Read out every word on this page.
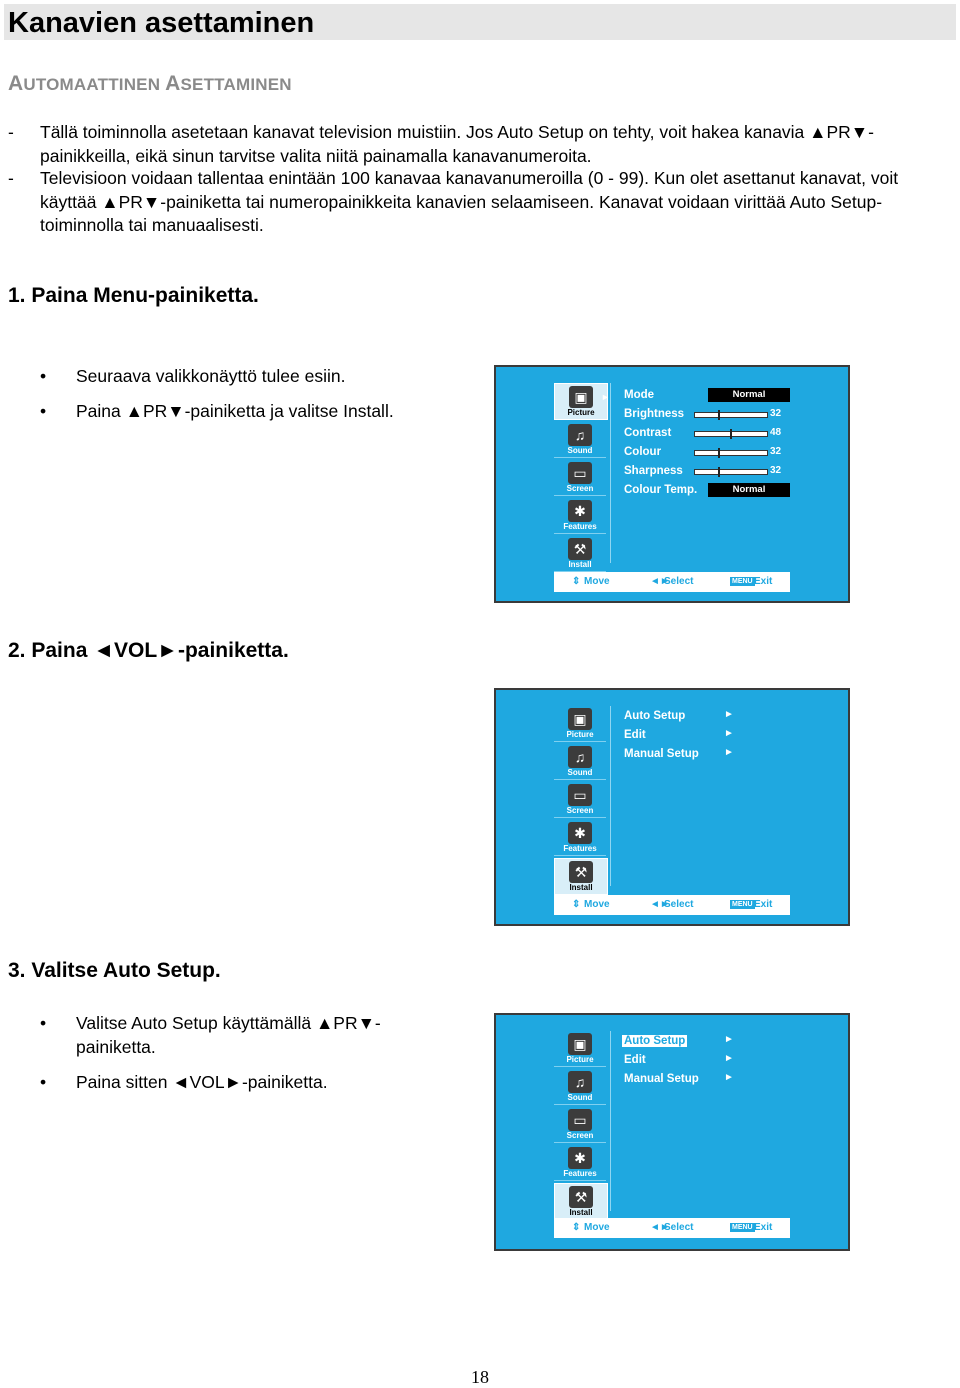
Kanavien asettaminen
AUTOMAATTINEN ASETTAMINEN
- Tällä toiminnolla asetetaan kanavat television muistiin. Jos Auto Setup on tehty, voit hakea kanavia ▲PR▼-painikkeilla, eikä sinun tarvitse valita niitä painamalla kanavanumeroita.
- Televisioon voidaan tallentaa enintään 100 kanavaa kanavanumeroilla (0 - 99). Kun olet asettanut kanavat, voit käyttää ▲PR▼-painiketta tai numeropainikkeita kanavien selaamiseen. Kanavat voidaan virittää Auto Setup-toiminnolla tai manuaalisesti.
1. Paina Menu-painiketta.
• Seuraava valikkonäyttö tulee esiin.
• Paina ▲PR▼-painiketta ja valitse Install.
▣	►
Picture
♫
Sound
▭
Screen
✱
Features
⚒
Install
Mode	Normal
Brightness	32
Contrast	48
Colour	32
Sharpness	32
Colour Temp.	Normal
⇕ Move	◄►
Select	MENU Exit
2. Paina ◄VOL►-painiketta.
▣
Picture
♫
Sound
▭
Screen
✱
Features
⚒
Install
Auto Setup	►
Edit	►
Manual Setup	►
⇕ Move	◄►
Select	MENU Exit
3. Valitse Auto Setup.
• Valitse Auto Setup käyttämällä ▲PR▼-painiketta.
• Paina sitten ◄VOL►-painiketta.
▣
Picture
♫
Sound
▭
Screen
✱
Features
⚒
Install
Auto Setup	►
Edit	►
Manual Setup	►
⇕ Move	◄►
Select	MENU Exit
18
